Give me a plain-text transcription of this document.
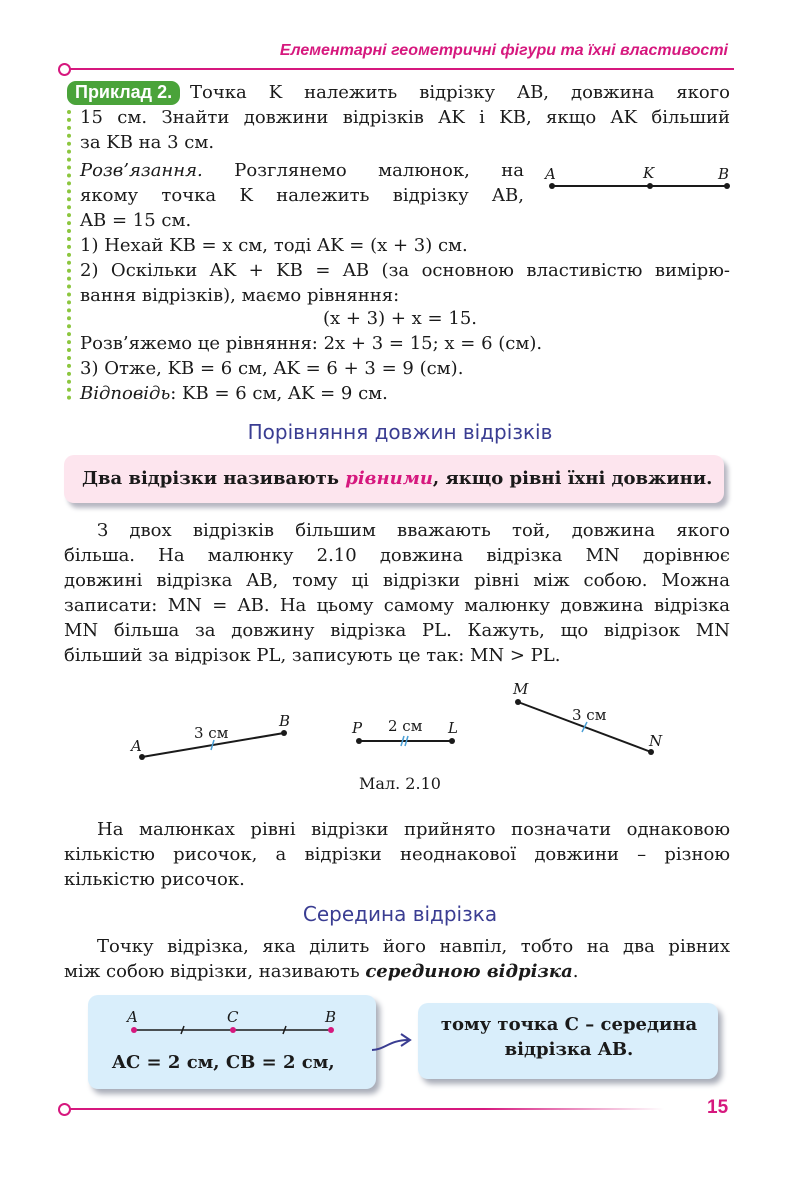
Елементарні геометричні фігури та їхні властивості
Приклад 2. Точка K належить відрізку AB, довжина якого
15 см. Знайти довжини відрізків AK і KB, якщо AK більший
за KB на 3 см.
Розв’язання. Розглянемо малюнок, на
якому точка K належить відрізку AB,
AB = 15 см.
1) Нехай KB = x см, тоді AK = (x + 3) см.
2) Оскільки AK + KB = AB (за основною властивістю вимірю-
вання відрізків), маємо рівняння:
(x + 3) + x = 15.
Розв’яжемо це рівняння: 2x + 3 = 15; x = 6 (см).
3) Отже, KB = 6 см, AK = 6 + 3 = 9 (см).
Відповідь: KB = 6 см, AK = 9 см.
Порівняння довжин відрізків
Два відрізки називають рівними, якщо рівні їхні довжини.
З двох відрізків більшим вважають той, довжина якого
більша. На малюнку 2.10 довжина відрізка MN дорівнює
довжині відрізка AB, тому ці відрізки рівні між собою. Можна
записати: MN = AB. На цьому самому малюнку довжина відрізка
MN більша за довжину відрізка PL. Кажуть, що відрізок MN
більший за відрізок PL, записують це так: MN > PL.
Мал. 2.10
На малюнках рівні відрізки прийнято позначати однаковою
кількістю рисочок, а відрізки неоднакової довжини – різною
кількістю рисочок.
Середина відрізка
Точку відрізка, яка ділить його навпіл, тобто на два рівних
між собою відрізки, називають серединою відрізка.
AC = 2 см, CB = 2 см,
тому точка C – середина
відрізка AB.
A	K	B
A
B
3 см	P	L
2 см
M
N
3 см
A	C	B
15
